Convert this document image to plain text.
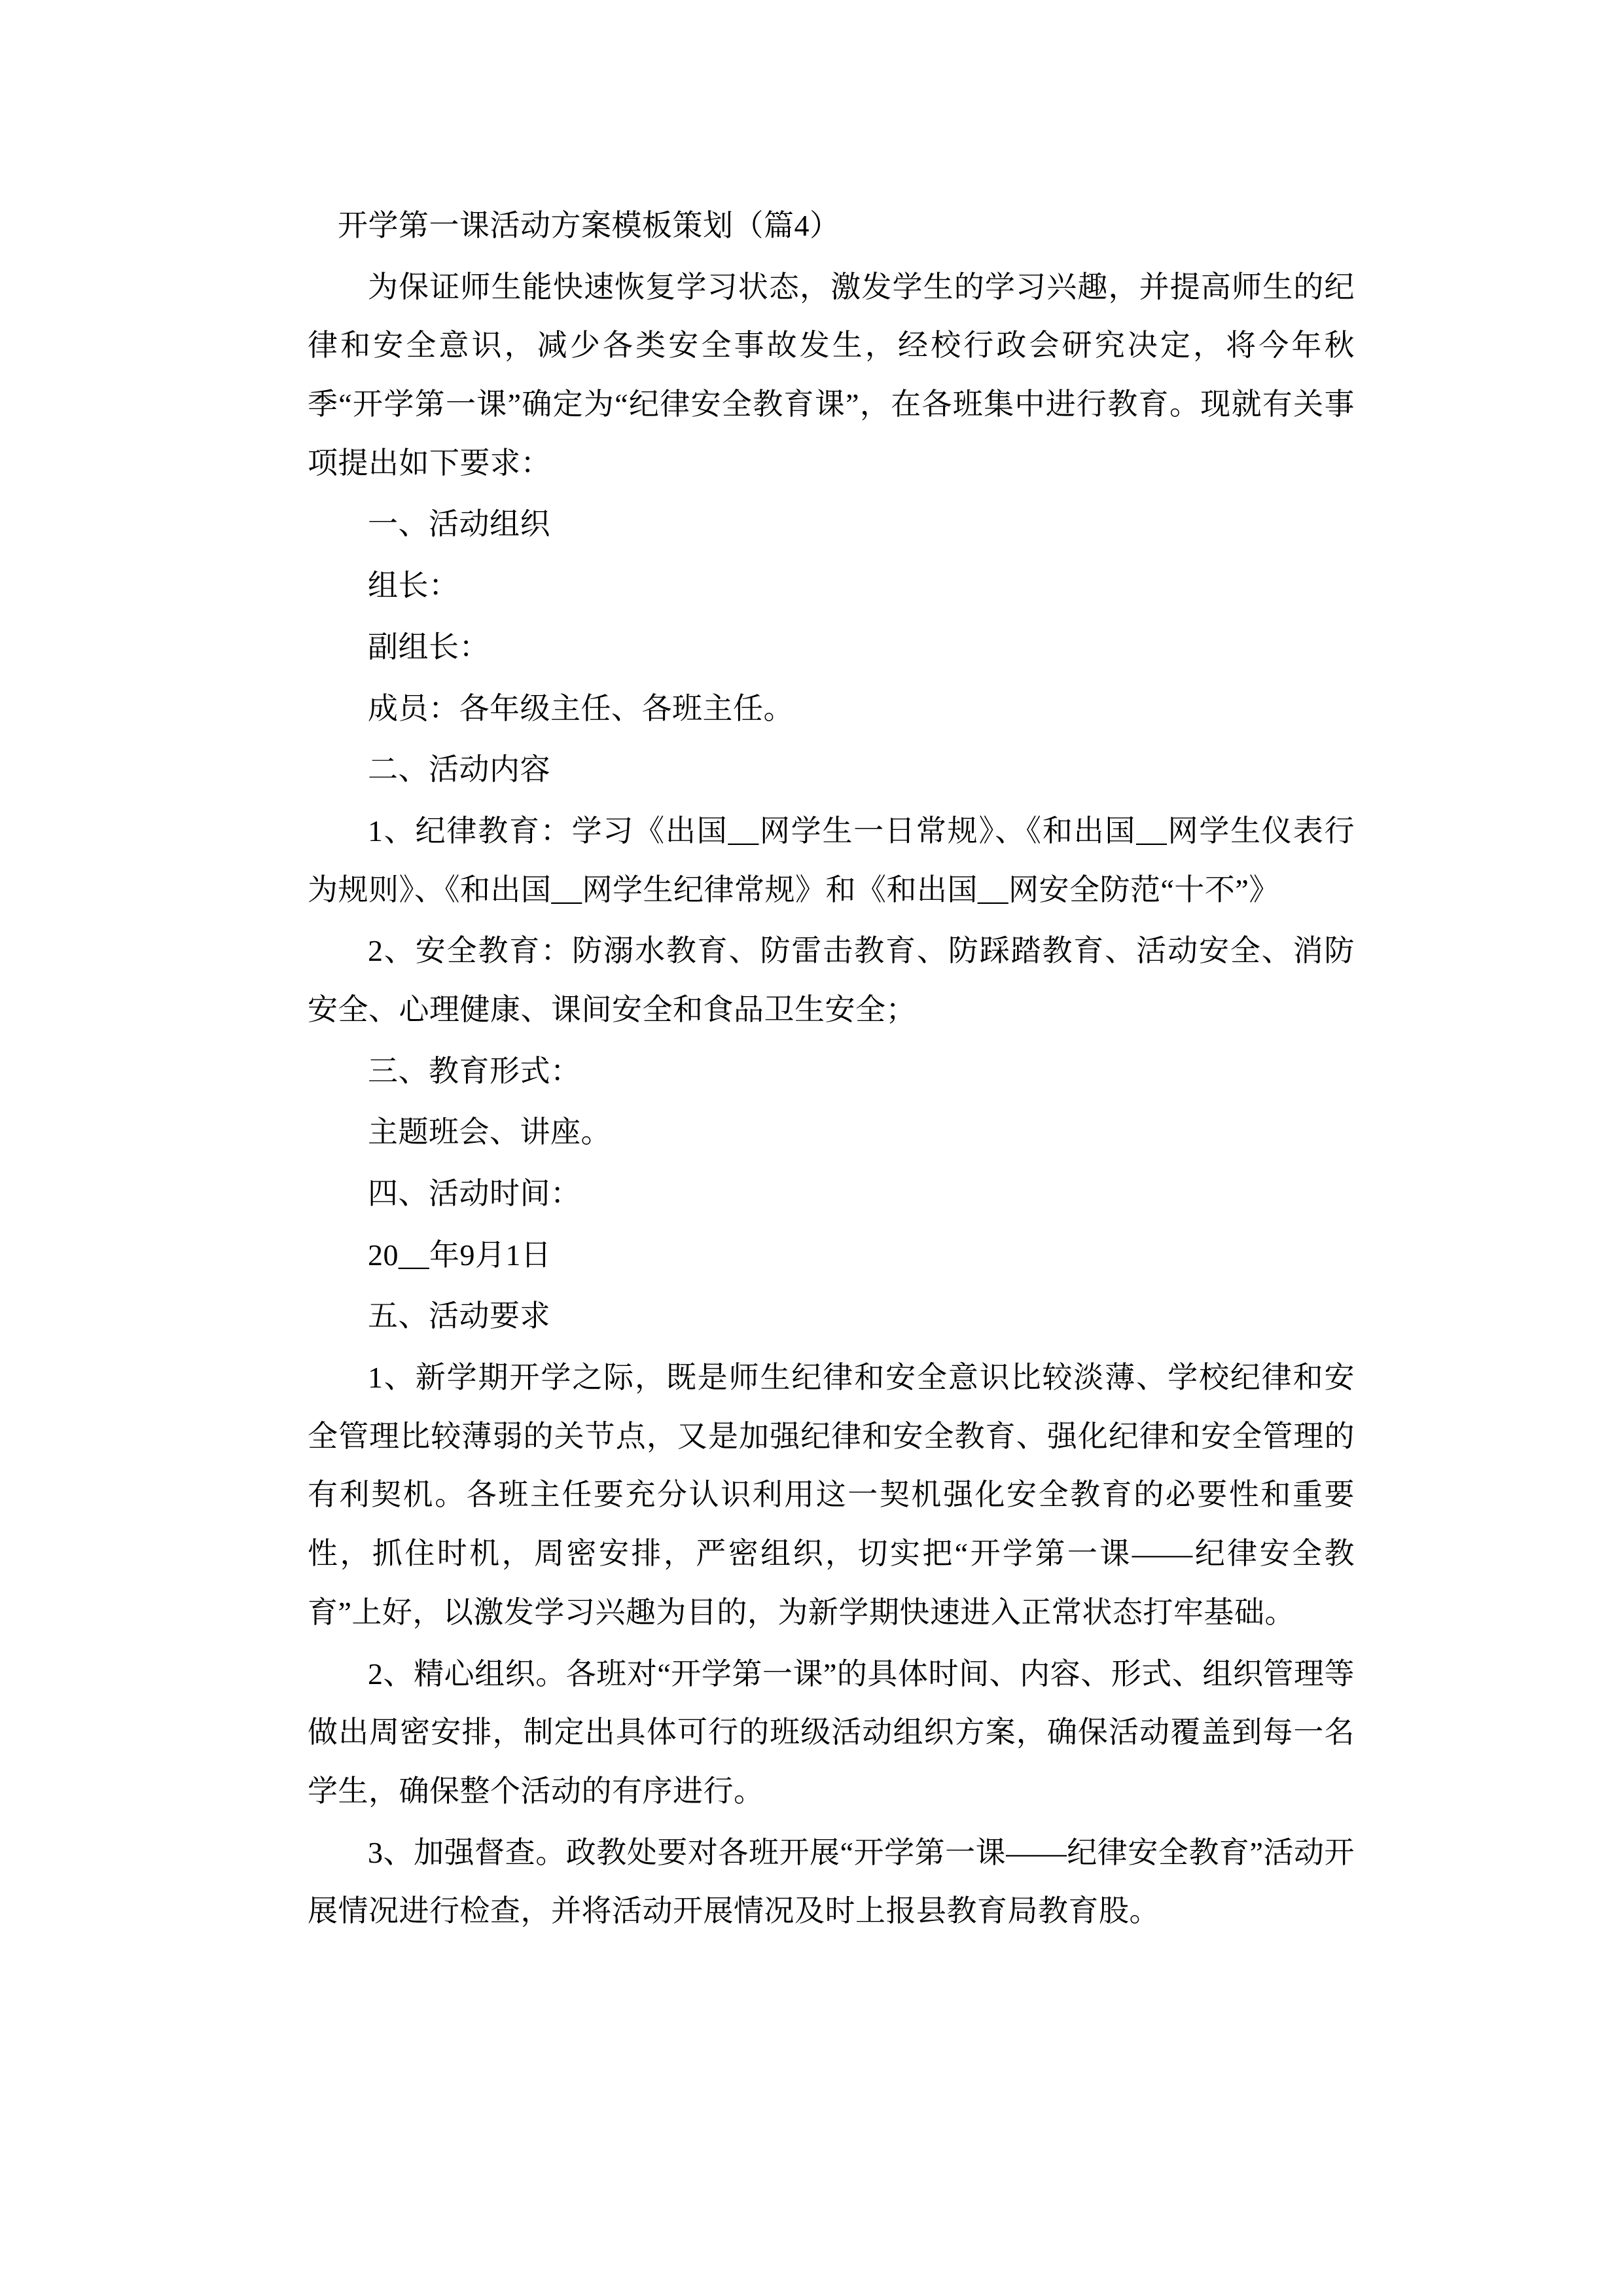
开学第一课活动方案模板策划（篇4）

为保证师生能快速恢复学习状态，激发学生的学习兴趣，并提高师生的纪律和安全意识，减少各类安全事故发生，经校行政会研究决定，将今年秋季“开学第一课”确定为“纪律安全教育课”，在各班集中进行教育。现就有关事项提出如下要求：

一、活动组织

组长：

副组长：

成员：各年级主任、各班主任。

二、活动内容

1、纪律教育：学习《出国__网学生一日常规》、《和出国__网学生仪表行为规则》、《和出国__网学生纪律常规》和《和出国__网安全防范“十不”》

2、安全教育：防溺水教育、防雷击教育、防踩踏教育、活动安全、消防安全、心理健康、课间安全和食品卫生安全；

三、教育形式：

主题班会、讲座。

四、活动时间：

20__年9月1日

五、活动要求

1、新学期开学之际，既是师生纪律和安全意识比较淡薄、学校纪律和安全管理比较薄弱的关节点，又是加强纪律和安全教育、强化纪律和安全管理的有利契机。各班主任要充分认识利用这一契机强化安全教育的必要性和重要性，抓住时机，周密安排，严密组织，切实把“开学第一课——纪律安全教育”上好，以激发学习兴趣为目的，为新学期快速进入正常状态打牢基础。

2、精心组织。各班对“开学第一课”的具体时间、内容、形式、组织管理等做出周密安排，制定出具体可行的班级活动组织方案，确保活动覆盖到每一名学生，确保整个活动的有序进行。

3、加强督查。政教处要对各班开展“开学第一课——纪律安全教育”活动开展情况进行检查，并将活动开展情况及时上报县教育局教育股。
